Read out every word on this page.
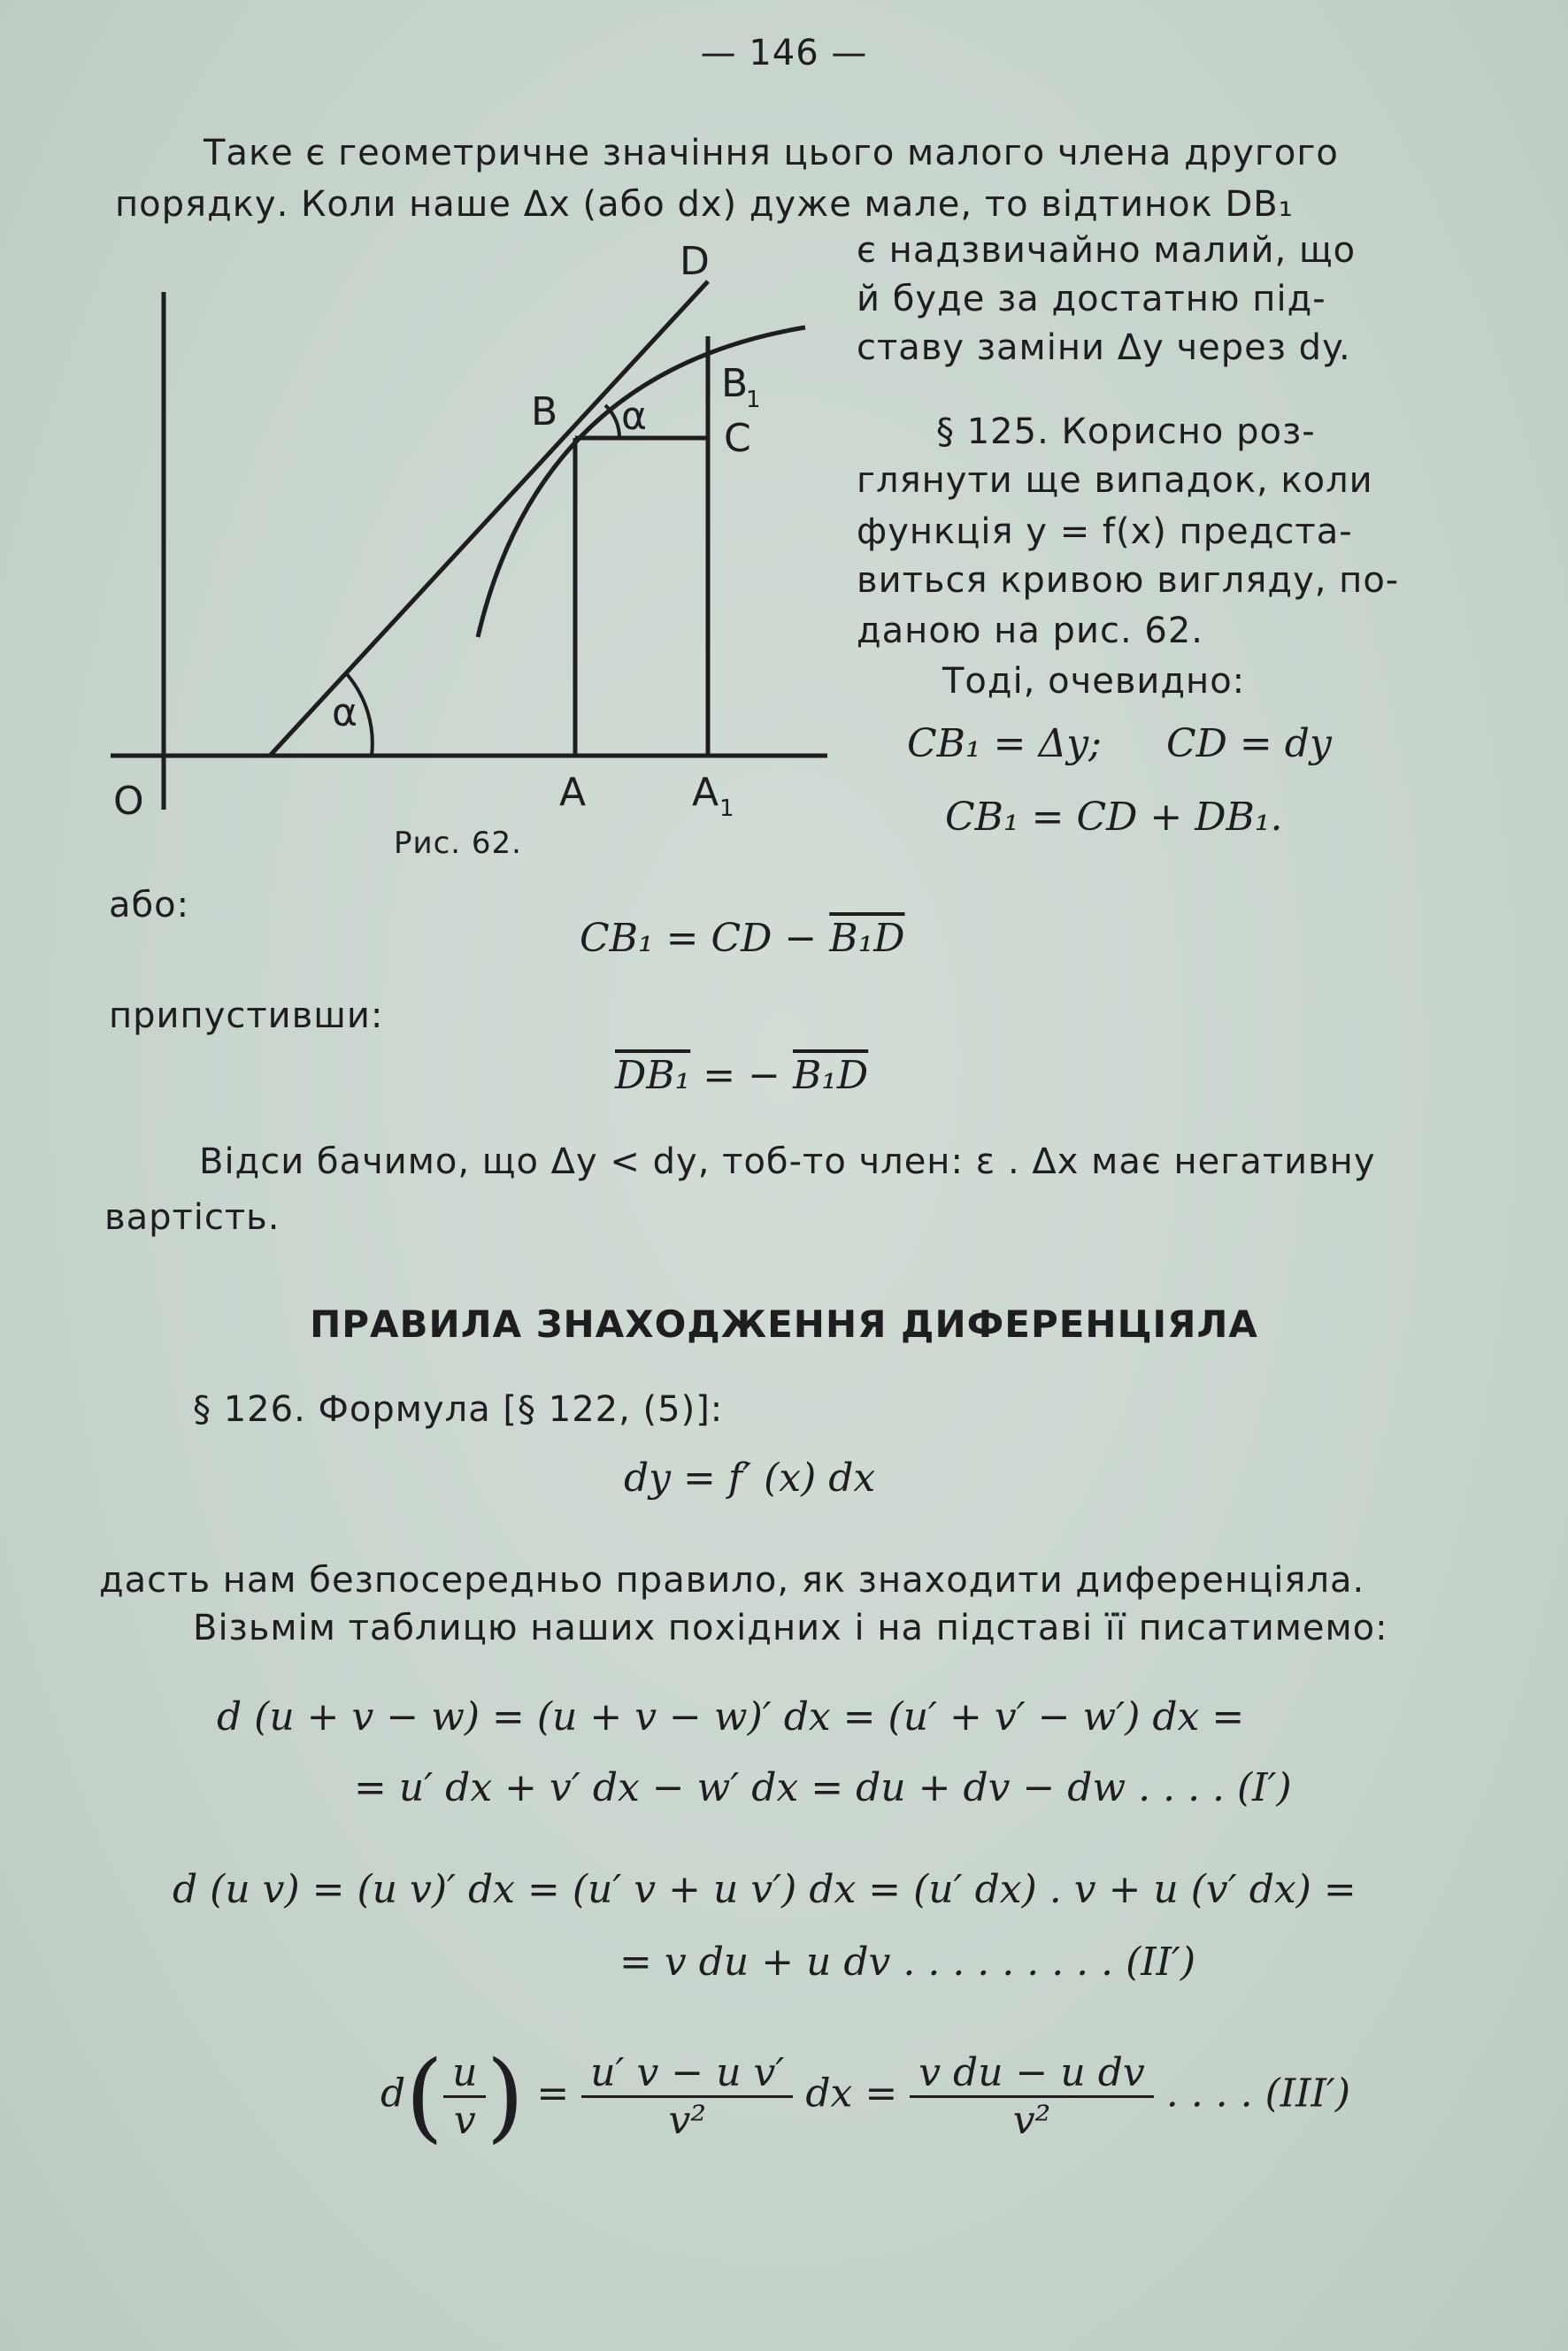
— 146 —
Таке є геометричне значіння цього малого члена другого
порядку. Коли наше Δx (або dx) дуже мале, то відтинок DB₁
є надзвичайно малий, що
й буде за достатню під-
ставу заміни Δy через dy.
§ 125. Корисно роз-
глянути ще випадок, коли
функція y = f(x) предста-
виться кривою вигляду, по-
даною на рис. 62.
Тоді, очевидно:
D
B
B
1
C
α
α
O	A	A 1
Рис. 62.
CB₁ = Δy; CD = dy
CB₁ = CD + DB₁.
або:
CB₁ = CD − B₁D
припустивши:
DB₁ = − B₁D
Відси бачимо, що Δy < dy, тоб-то член: ε . Δx має негативну
вартість.
ПРАВИЛА ЗНАХОДЖЕННЯ ДИФЕРЕНЦІЯЛА
§ 126. Формула [§ 122, (5)]:
dy = f′ (x) dx
дасть нам безпосередньо правило, як знаходити диференціяла.
Візьмім таблицю наших похідних і на підставі її писатимемо:
d (u + v − w) = (u + v − w)′ dx = (u′ + v′ − w′) dx =
= u′ dx + v′ dx − w′ dx = du + dv − dw . . . . (I′)
d (u v) = (u v)′ dx = (u′ v + u v′) dx = (u′ dx) . v + u (v′ dx) =
= v du + u dv . . . . . . . . . (II′)
$d( \frac{u}{v}$ ) = $\frac{\text{u′ v − u v′}}{\text{v²}}$ dx = $\frac{\text{v du − u dv}}{\text{v²}}$ . . . . (III′)
